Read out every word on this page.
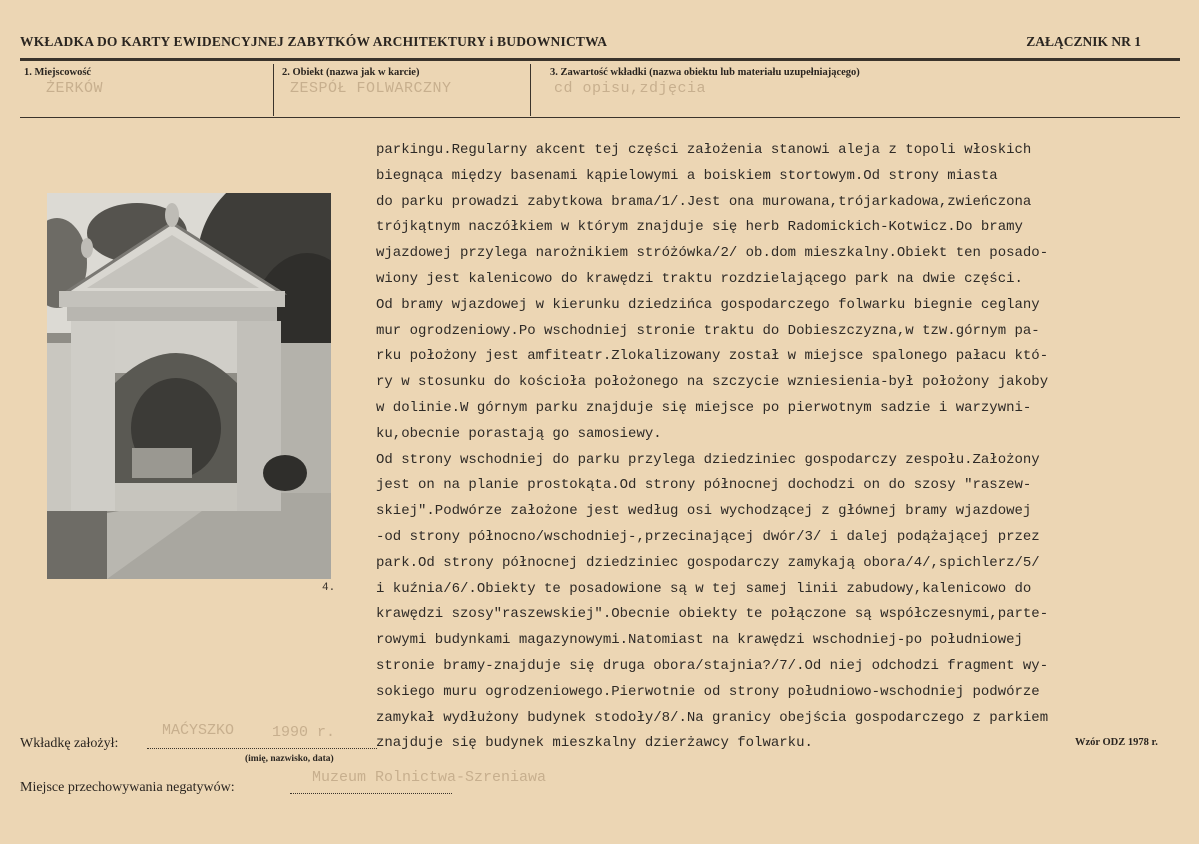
WKŁADKA DO KARTY EWIDENCYJNEJ ZABYTKÓW ARCHITEKTURY i BUDOWNICTWA	ZAŁĄCZNIK NR 1
1. Miejscowość
ŻERKÓW
2. Obiekt (nazwa jak w karcie)
ZESPÓŁ FOLWARCZNY
3. Zawartość wkładki (nazwa obiektu lub materiału uzupełniającego)
cd opisu,zdjęcia
4.
parkingu.Regularny akcent tej części założenia stanowi aleja z topoli włoskich
biegnąca między basenami kąpielowymi a boiskiem stortowym.Od strony miasta
do parku prowadzi zabytkowa brama/1/.Jest ona murowana,trójarkadowa,zwieńczona
trójkątnym naczółkiem w którym znajduje się herb Radomickich-Kotwicz.Do bramy
wjazdowej przylega narożnikiem stróżówka/2/ ob.dom mieszkalny.Obiekt ten posado-
wiony jest kalenicowo do krawędzi traktu rozdzielającego park na dwie części.
Od bramy wjazdowej w kierunku dziedzińca gospodarczego folwarku biegnie ceglany
mur ogrodzeniowy.Po wschodniej stronie traktu do Dobieszczyzna,w tzw.górnym pa-
rku położony jest amfiteatr.Zlokalizowany został w miejsce spalonego pałacu któ-
ry w stosunku do kościoła położonego na szczycie wzniesienia-był położony jakoby
w dolinie.W górnym parku znajduje się miejsce po pierwotnym sadzie i warzywni-
ku,obecnie porastają go samosiewy.
Od strony wschodniej do parku przylega dziedziniec gospodarczy zespołu.Założony
jest on na planie prostokąta.Od strony północnej dochodzi on do szosy "raszew-
skiej".Podwórze założone jest według osi wychodzącej z głównej bramy wjazdowej
-od strony północno/wschodniej-,przecinającej dwór/3/ i dalej podążającej przez
park.Od strony północnej dziedziniec gospodarczy zamykają obora/4/,spichlerz/5/
i kuźnia/6/.Obiekty te posadowione są w tej samej linii zabudowy,kalenicowo do
krawędzi szosy"raszewskiej".Obecnie obiekty te połączone są współczesnymi,parte-
rowymi budynkami magazynowymi.Natomiast na krawędzi wschodniej-po południowej
stronie bramy-znajduje się druga obora/stajnia?/7/.Od niej odchodzi fragment wy-
sokiego muru ogrodzeniowego.Pierwotnie od strony południowo-wschodniej podwórze
zamykał wydłużony budynek stodoły/8/.Na granicy obejścia gospodarczego z parkiem
znajduje się budynek mieszkalny dzierżawcy folwarku.
Wkładkę założył:
MAĆYSZKO	1990 r.
(imię, nazwisko, data)
Wzór ODZ 1978 r.
Miejsce przechowywania negatywów:
Muzeum Rolnictwa-Szreniawa
